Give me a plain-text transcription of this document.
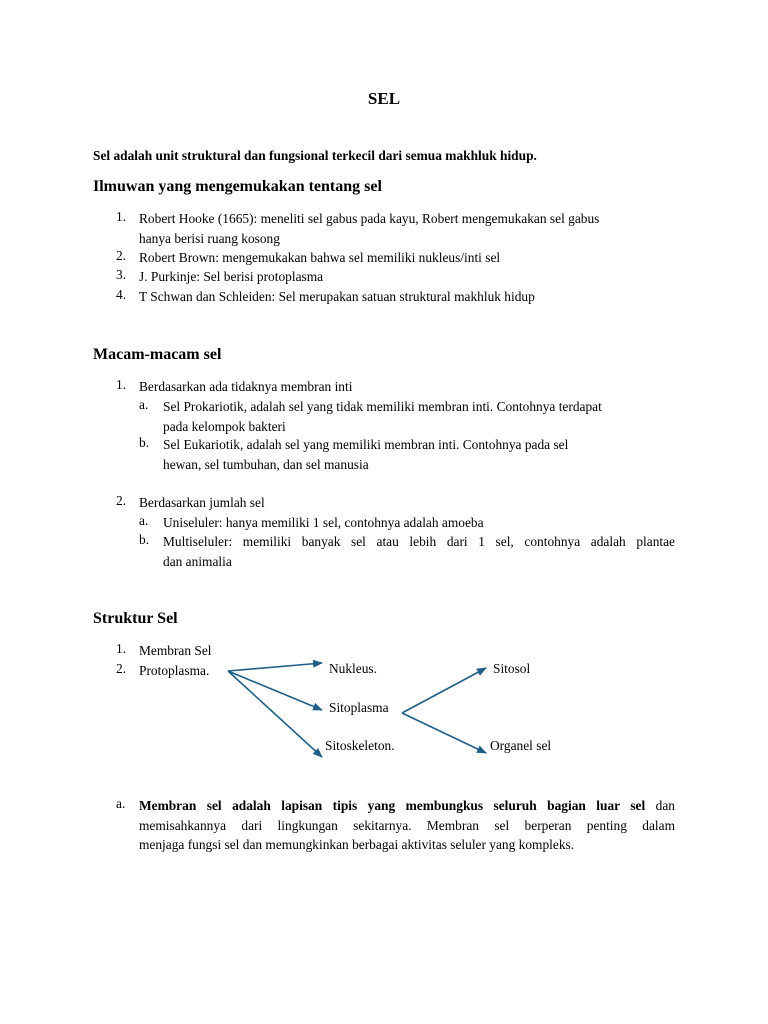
SEL
Sel adalah unit struktural dan fungsional terkecil dari semua makhluk hidup.
Ilmuwan yang mengemukakan tentang sel
1. Robert Hooke (1665): meneliti sel gabus pada kayu, Robert mengemukakan sel gabus
hanya berisi ruang kosong
2. Robert Brown: mengemukakan bahwa sel memiliki nukleus/inti sel
3. J. Purkinje: Sel berisi protoplasma
4. T Schwan dan Schleiden: Sel merupakan satuan struktural makhluk hidup
Macam-macam sel
1. Berdasarkan ada tidaknya membran inti
a. Sel Prokariotik, adalah sel yang tidak memiliki membran inti. Contohnya terdapat
pada kelompok bakteri
b. Sel Eukariotik, adalah sel yang memiliki membran inti. Contohnya pada sel
hewan, sel tumbuhan, dan sel manusia
2. Berdasarkan jumlah sel
a. Uniseluler: hanya memiliki 1 sel, contohnya adalah amoeba
b. Multiseluler: memiliki banyak sel atau lebih dari 1 sel, contohnya adalah plantae
dan animalia
Struktur Sel
1. Membran Sel
2. Protoplasma.	Nukleus.
Sitoplasma
Sitoskeleton.
Sitosol
Organel sel
a. Membran sel adalah lapisan tipis yang membungkus seluruh bagian luar sel dan
memisahkannya dari lingkungan sekitarnya. Membran sel berperan penting dalam
menjaga fungsi sel dan memungkinkan berbagai aktivitas seluler yang kompleks.
